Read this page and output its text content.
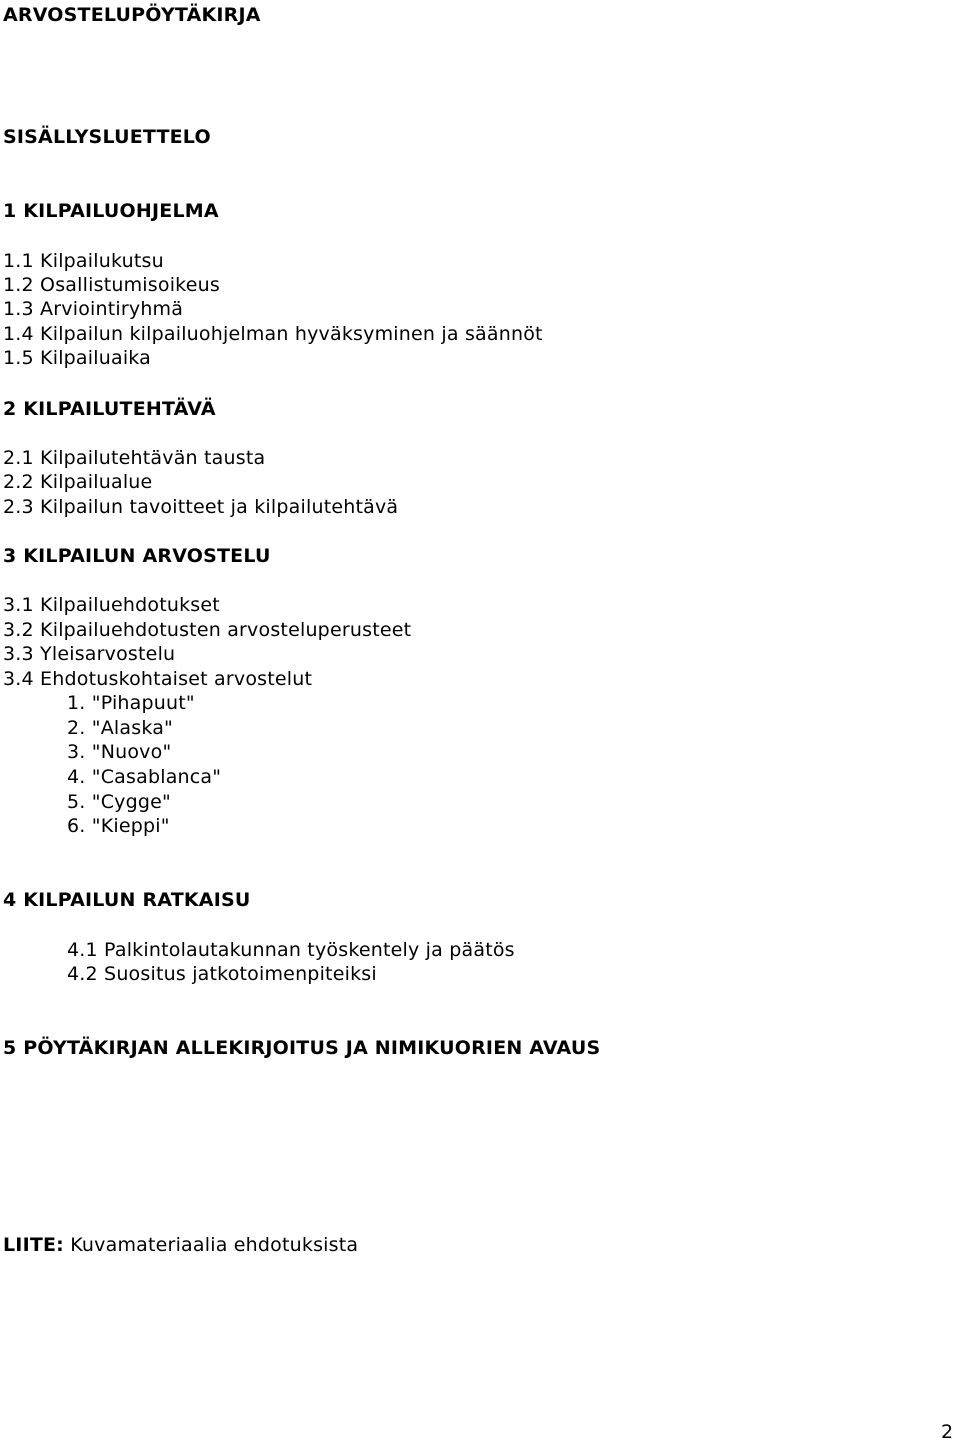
ARVOSTELUPÖYTÄKIRJA

SISÄLLYSLUETTELO

1 KILPAILUOHJELMA

1.1 Kilpailukutsu

1.2 Osallistumisoikeus

1.3 Arviointiryhmä

1.4 Kilpailun kilpailuohjelman hyväksyminen ja säännöt

1.5 Kilpailuaika

2 KILPAILUTEHTÄVÄ

2.1 Kilpailutehtävän tausta

2.2 Kilpailualue

2.3 Kilpailun tavoitteet ja kilpailutehtävä

3 KILPAILUN ARVOSTELU

3.1 Kilpailuehdotukset

3.2 Kilpailuehdotusten arvosteluperusteet

3.3 Yleisarvostelu

3.4 Ehdotuskohtaiset arvostelut

1. "Pihapuut"

2. "Alaska"

3. "Nuovo"

4. "Casablanca"

5. "Cygge"

6. "Kieppi"

4 KILPAILUN RATKAISU

4.1 Palkintolautakunnan työskentely ja päätös

4.2 Suositus jatkotoimenpiteiksi

5 PÖYTÄKIRJAN ALLEKIRJOITUS JA NIMIKUORIEN AVAUS

LIITE: Kuvamateriaalia ehdotuksista

2
